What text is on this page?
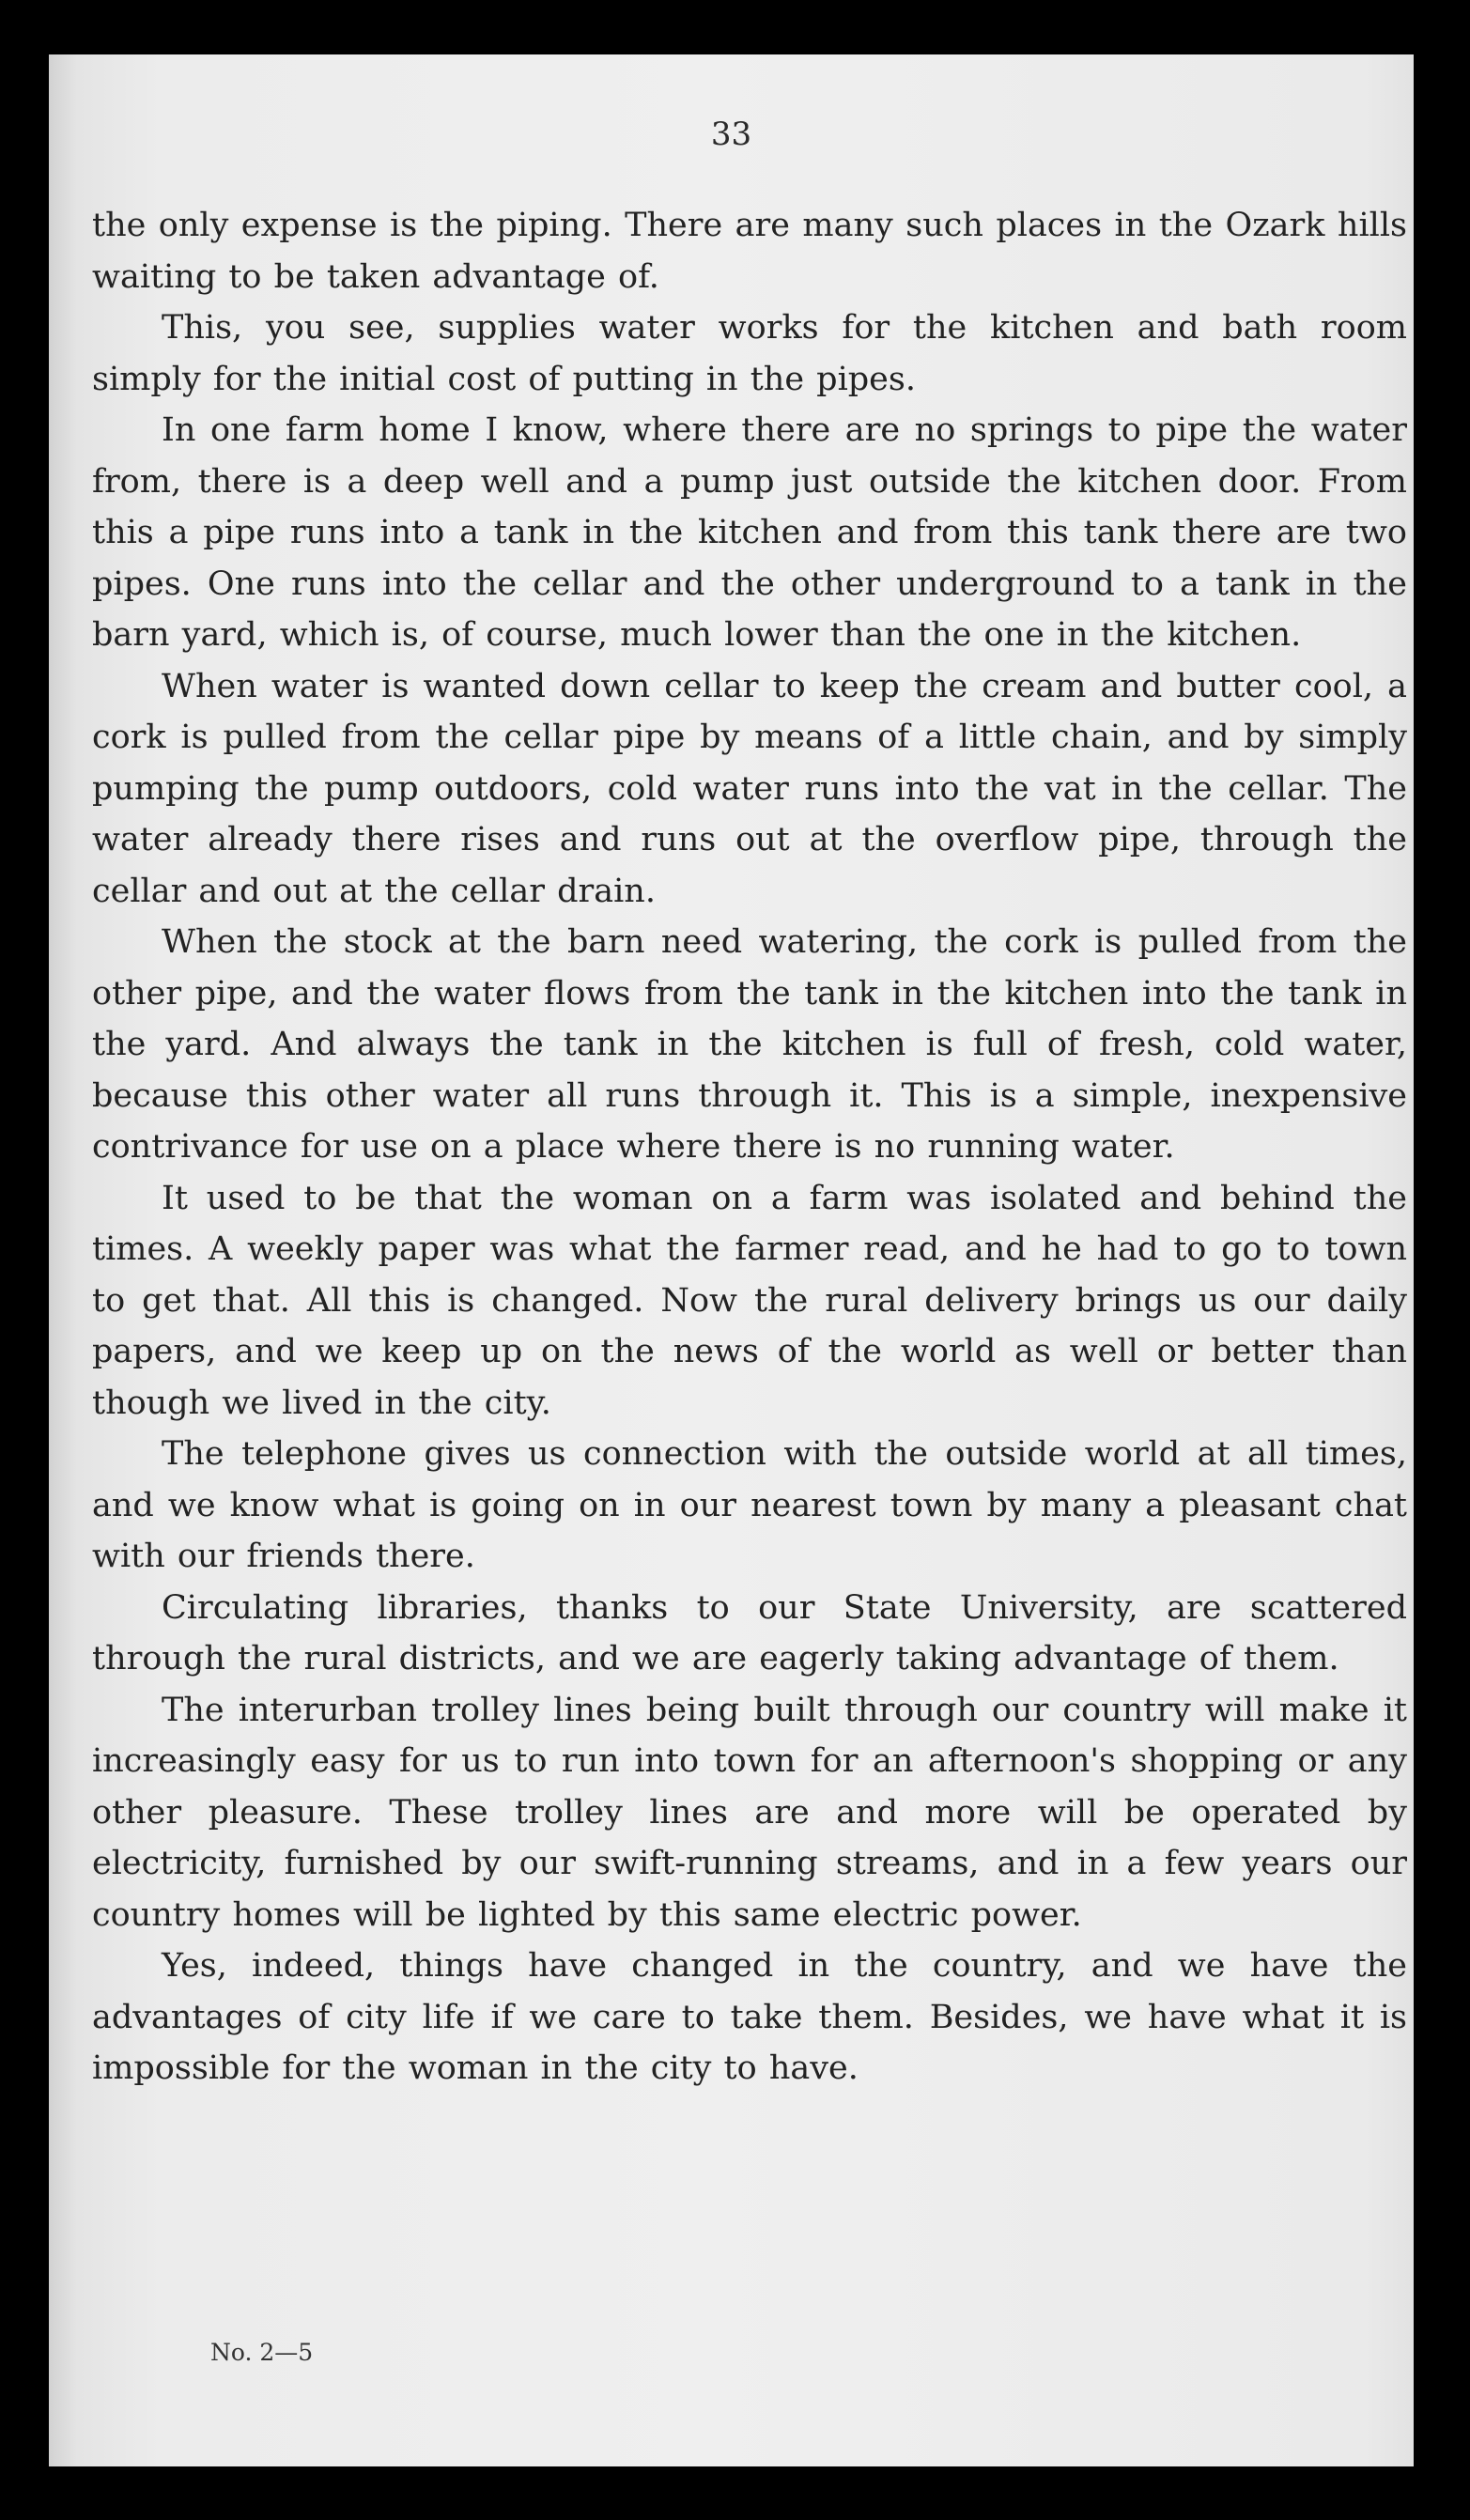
33

the only expense is the piping. There are many such places in the Ozark hills waiting to be taken advantage of.

This, you see, supplies water works for the kitchen and bath room simply for the initial cost of putting in the pipes.

In one farm home I know, where there are no springs to pipe the water from, there is a deep well and a pump just outside the kitchen door. From this a pipe runs into a tank in the kitchen and from this tank there are two pipes. One runs into the cellar and the other underground to a tank in the barn yard, which is, of course, much lower than the one in the kitchen.

When water is wanted down cellar to keep the cream and butter cool, a cork is pulled from the cellar pipe by means of a little chain, and by simply pumping the pump outdoors, cold water runs into the vat in the cellar. The water already there rises and runs out at the overflow pipe, through the cellar and out at the cellar drain.

When the stock at the barn need watering, the cork is pulled from the other pipe, and the water flows from the tank in the kitchen into the tank in the yard. And always the tank in the kitchen is full of fresh, cold water, because this other water all runs through it. This is a simple, inexpensive contrivance for use on a place where there is no running water.

It used to be that the woman on a farm was isolated and behind the times. A weekly paper was what the farmer read, and he had to go to town to get that. All this is changed. Now the rural delivery brings us our daily papers, and we keep up on the news of the world as well or better than though we lived in the city.

The telephone gives us connection with the outside world at all times, and we know what is going on in our nearest town by many a pleasant chat with our friends there.

Circulating libraries, thanks to our State University, are scattered through the rural districts, and we are eagerly taking advantage of them.

The interurban trolley lines being built through our country will make it increasingly easy for us to run into town for an afternoon's shopping or any other pleasure. These trolley lines are and more will be operated by electricity, furnished by our swift-running streams, and in a few years our country homes will be lighted by this same electric power.

Yes, indeed, things have changed in the country, and we have the advantages of city life if we care to take them. Besides, we have what it is impossible for the woman in the city to have.

No. 2—5
